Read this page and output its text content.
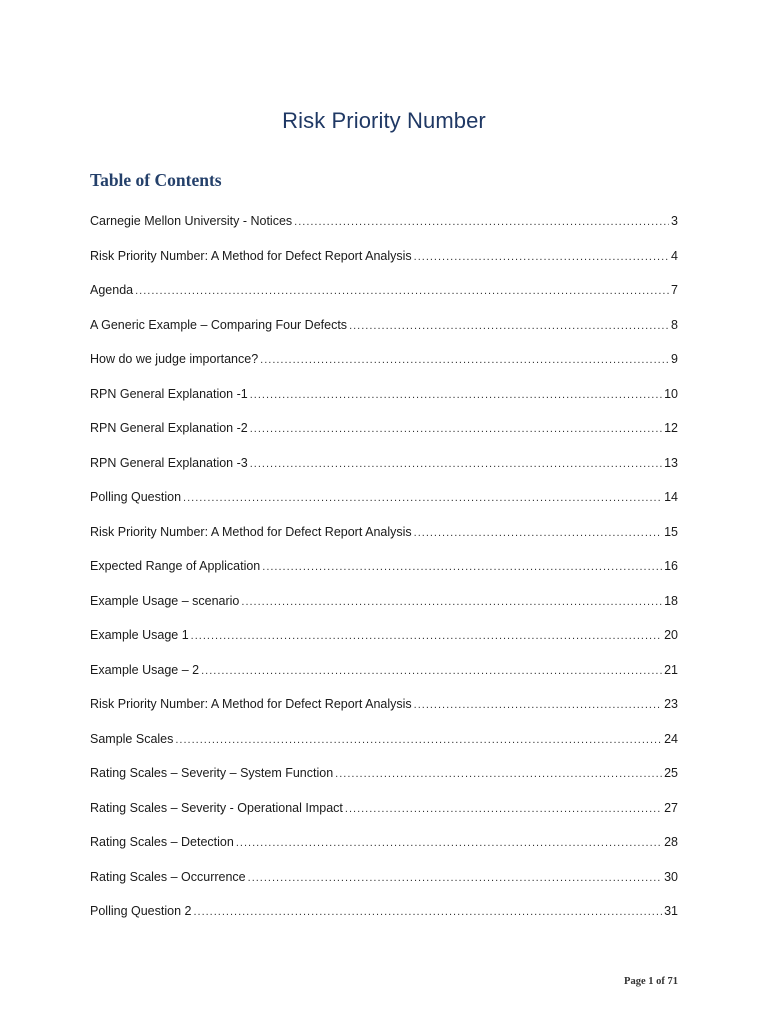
Risk Priority Number
Table of Contents
Carnegie Mellon University - Notices .....	3
Risk Priority Number: A Method for Defect Report Analysis .....	4
Agenda .....	7
A Generic Example – Comparing Four Defects .....	8
How do we judge importance? .....	9
RPN General Explanation -1 .....	10
RPN General Explanation -2 .....	12
RPN General Explanation -3 .....	13
Polling Question .....	14
Risk Priority Number: A Method for Defect Report Analysis .....	15
Expected Range of Application .....	16
Example Usage – scenario .....	18
Example Usage 1 .....	20
Example Usage – 2 .....	21
Risk Priority Number: A Method for Defect Report Analysis .....	23
Sample Scales .....	24
Rating Scales – Severity – System Function .....	25
Rating Scales – Severity - Operational Impact .....	27
Rating Scales – Detection .....	28
Rating Scales – Occurrence .....	30
Polling Question 2 .....	31
Page 1 of 71
